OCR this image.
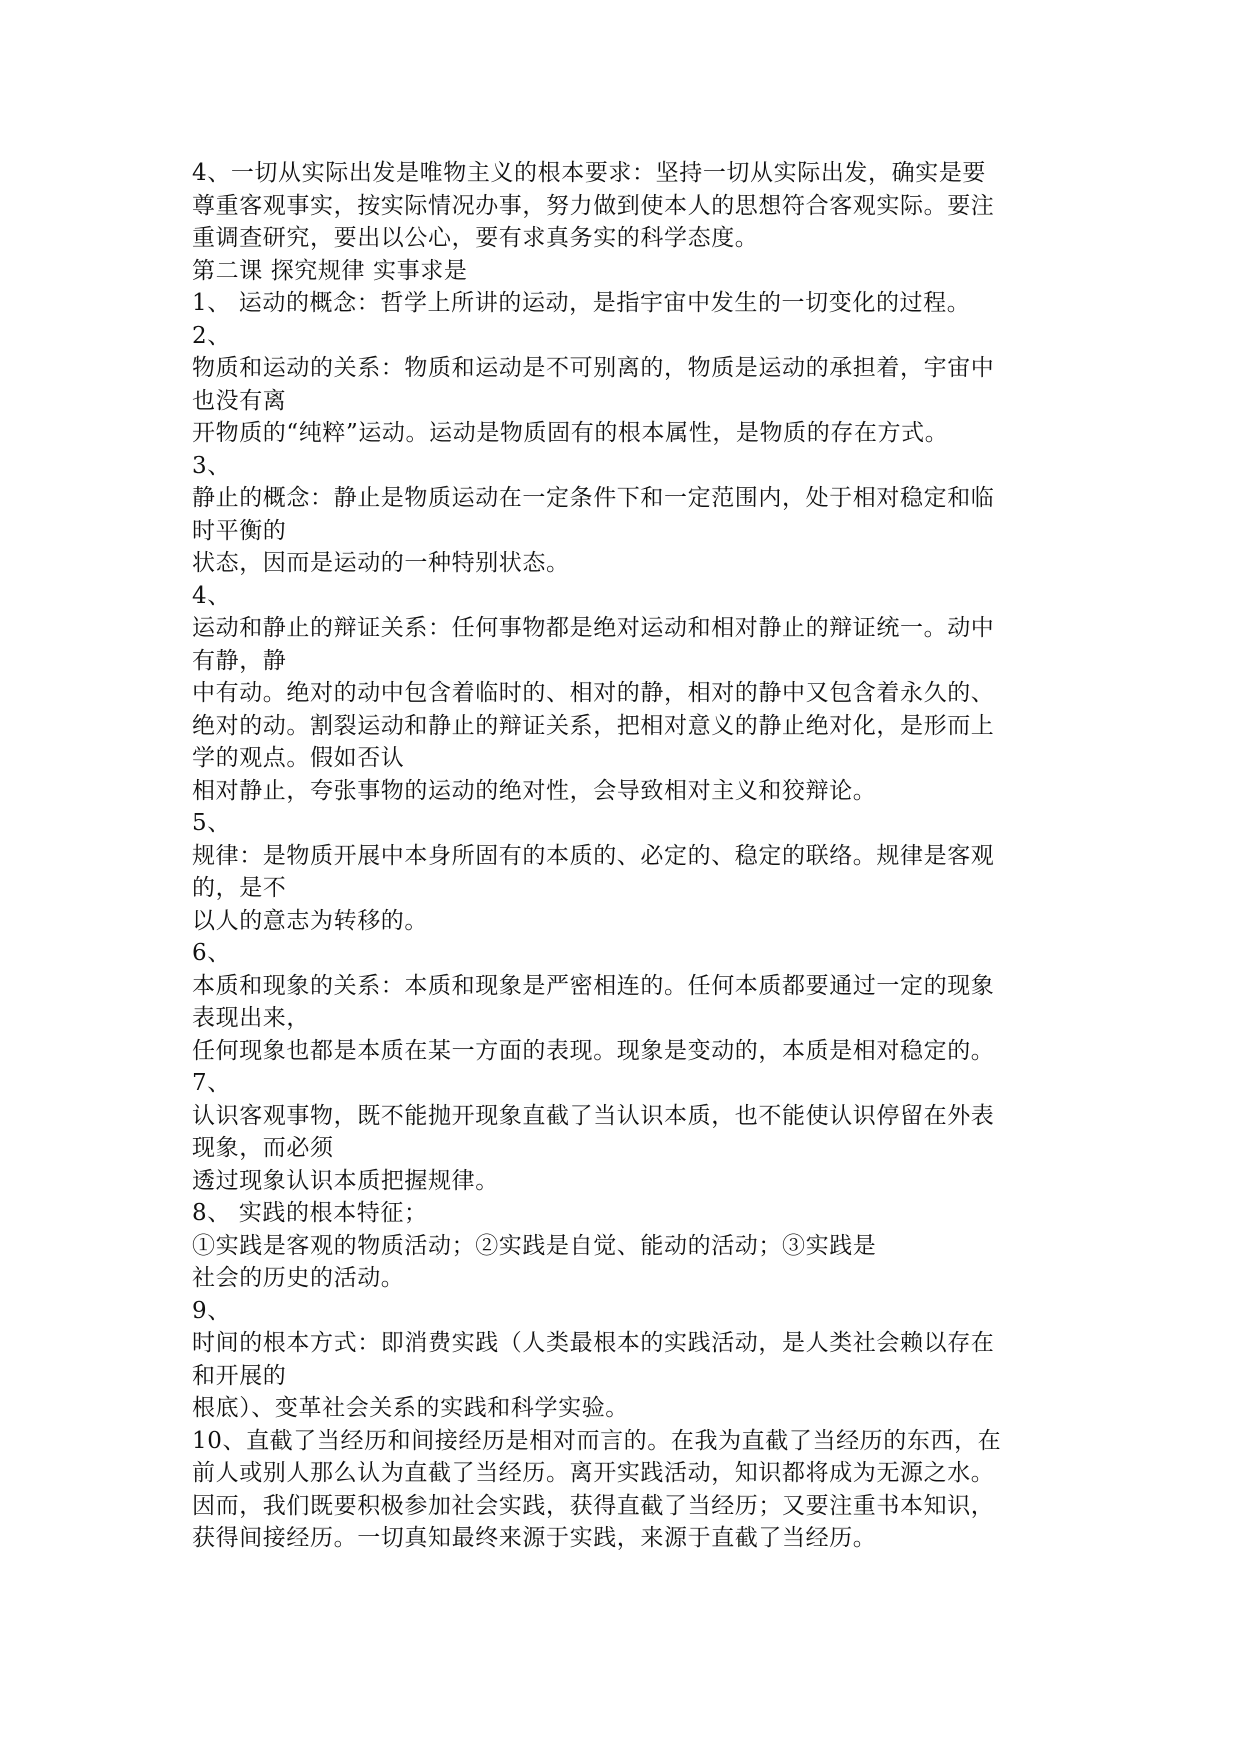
4、一切从实际出发是唯物主义的根本要求：坚持一切从实际出发，确实是要
尊重客观事实，按实际情况办事，努力做到使本人的思想符合客观实际。要注
重调查研究，要出以公心，要有求真务实的科学态度。
第二课 探究规律 实事求是
1、 运动的概念：哲学上所讲的运动，是指宇宙中发生的一切变化的过程。
2、
物质和运动的关系：物质和运动是不可别离的，物质是运动的承担着，宇宙中
也没有离
开物质的“纯粹”运动。运动是物质固有的根本属性，是物质的存在方式。
3、
静止的概念：静止是物质运动在一定条件下和一定范围内，处于相对稳定和临
时平衡的
状态，因而是运动的一种特别状态。
4、
运动和静止的辩证关系：任何事物都是绝对运动和相对静止的辩证统一。动中
有静，静
中有动。绝对的动中包含着临时的、相对的静，相对的静中又包含着永久的、
绝对的动。割裂运动和静止的辩证关系，把相对意义的静止绝对化，是形而上
学的观点。假如否认
相对静止，夸张事物的运动的绝对性，会导致相对主义和狡辩论。
5、
规律：是物质开展中本身所固有的本质的、必定的、稳定的联络。规律是客观
的，是不
以人的意志为转移的。
6、
本质和现象的关系：本质和现象是严密相连的。任何本质都要通过一定的现象
表现出来，
任何现象也都是本质在某一方面的表现。现象是变动的，本质是相对稳定的。
7、
认识客观事物，既不能抛开现象直截了当认识本质，也不能使认识停留在外表
现象，而必须
透过现象认识本质把握规律。
8、 实践的根本特征；
①实践是客观的物质活动；②实践是自觉、能动的活动；③实践是
社会的历史的活动。
9、
时间的根本方式：即消费实践（人类最根本的实践活动，是人类社会赖以存在
和开展的
根底）、变革社会关系的实践和科学实验。
10、直截了当经历和间接经历是相对而言的。在我为直截了当经历的东西，在
前人或别人那么认为直截了当经历。离开实践活动，知识都将成为无源之水。
因而，我们既要积极参加社会实践，获得直截了当经历；又要注重书本知识，
获得间接经历。一切真知最终来源于实践，来源于直截了当经历。
